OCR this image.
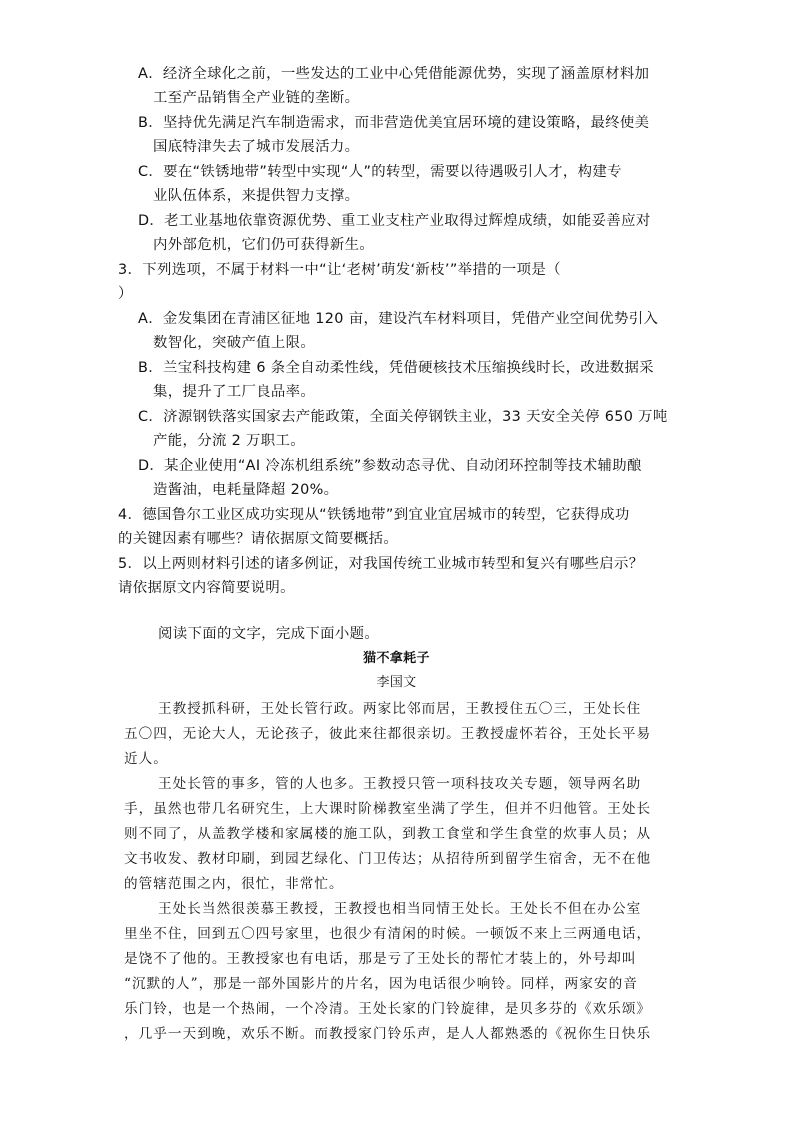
A．经济全球化之前，一些发达的工业中心凭借能源优势，实现了涵盖原材料加
工至产品销售全产业链的垄断。
B．坚持优先满足汽车制造需求，而非营造优美宜居环境的建设策略，最终使美
国底特津失去了城市发展活力。
C．要在“铁锈地带”转型中实现“人”的转型，需要以待遇吸引人才，构建专
业队伍体系，来提供智力支撑。
D．老工业基地依靠资源优势、重工业支柱产业取得过辉煌成绩，如能妥善应对
内外部危机，它们仍可获得新生。
3．下列选项，不属于材料一中“让‘老树’萌发‘新枝’”举措的一项是（
）
A．金发集团在青浦区征地 120 亩，建设汽车材料项目，凭借产业空间优势引入
数智化，突破产值上限。
B．兰宝科技构建 6 条全自动柔性线，凭借硬核技术压缩换线时长，改进数据采
集，提升了工厂良品率。
C．济源钢铁落实国家去产能政策，全面关停钢铁主业，33 天安全关停 650 万吨
产能，分流 2 万职工。
D．某企业使用“AI 冷冻机组系统”参数动态寻优、自动闭环控制等技术辅助酿
造酱油，电耗量降超 20%。
4．德国鲁尔工业区成功实现从“铁锈地带”到宜业宜居城市的转型，它获得成功
的关键因素有哪些？请依据原文简要概括。
5．以上两则材料引述的诸多例证，对我国传统工业城市转型和复兴有哪些启示？
请依据原文内容简要说明。
阅读下面的文字，完成下面小题。
猫不拿耗子
李国文
王教授抓科研，王处长管行政。两家比邻而居，王教授住五〇三，王处长住
五〇四，无论大人，无论孩子，彼此来往都很亲切。王教授虚怀若谷，王处长平易
近人。
王处长管的事多，管的人也多。王教授只管一项科技攻关专题，领导两名助
手，虽然也带几名研究生，上大课时阶梯教室坐满了学生，但并不归他管。王处长
则不同了，从盖教学楼和家属楼的施工队，到教工食堂和学生食堂的炊事人员；从
文书收发、教材印刷，到园艺绿化、门卫传达；从招待所到留学生宿舍，无不在他
的管辖范围之内，很忙，非常忙。
王处长当然很羡慕王教授，王教授也相当同情王处长。王处长不但在办公室
里坐不住，回到五〇四号家里，也很少有清闲的时候。一顿饭不来上三两通电话，
是饶不了他的。王教授家也有电话，那是亏了王处长的帮忙才装上的，外号却叫
“沉默的人”，那是一部外国影片的片名，因为电话很少响铃。同样，两家安的音
乐门铃，也是一个热闹，一个冷清。王处长家的门铃旋律，是贝多芬的《欢乐颂》
，几乎一天到晚，欢乐不断。而教授家门铃乐声，是人人都熟悉的《祝你生日快乐
